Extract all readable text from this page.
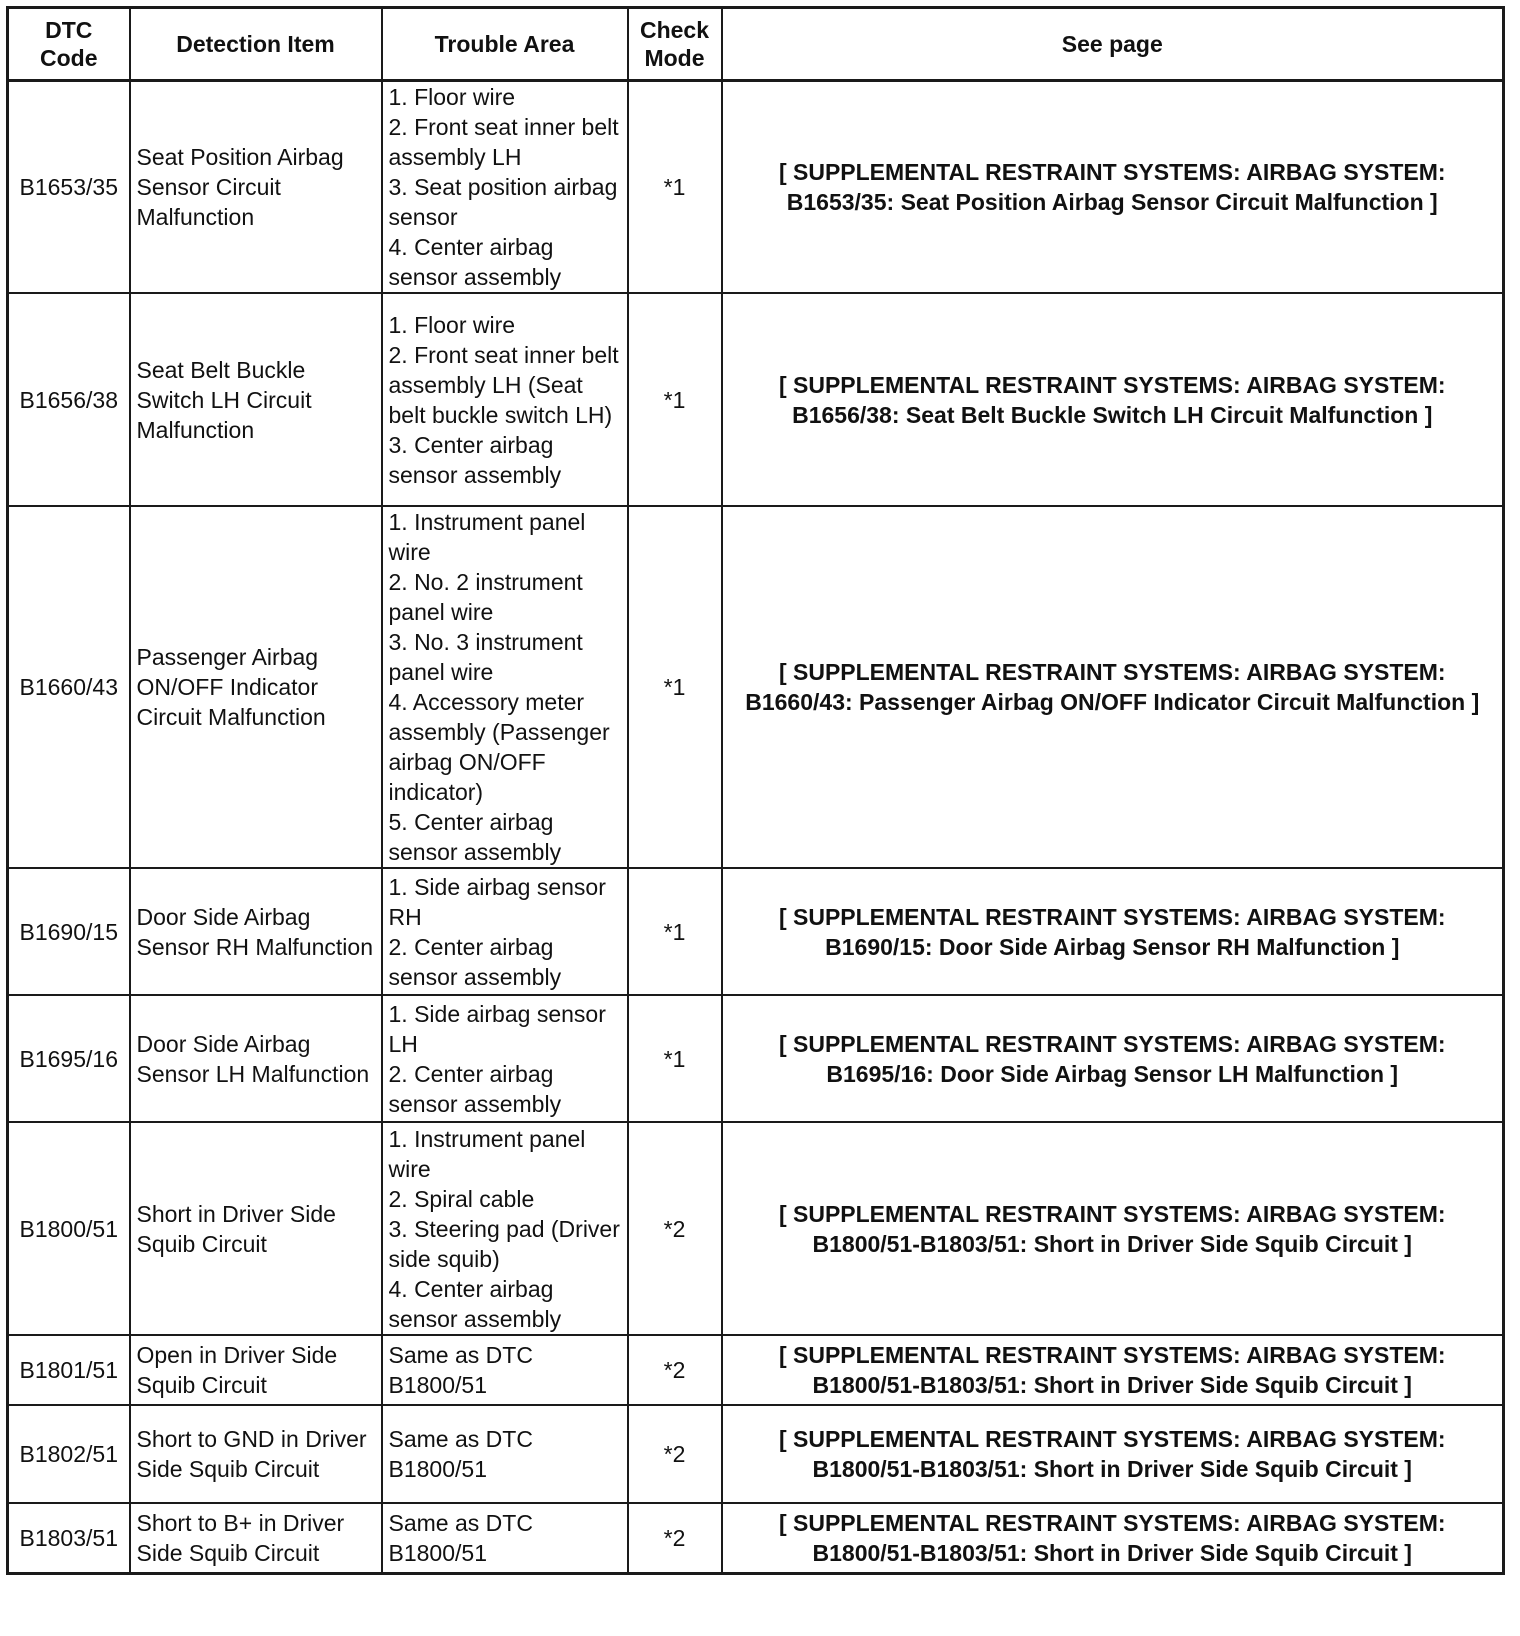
DTC Code	Detection Item	Trouble Area	Check Mode	See page
B1653/35	Seat Position Airbag Sensor Circuit Malfunction	1. Floor wire
2. Front seat inner belt assembly LH
3. Seat position airbag sensor
4. Center airbag sensor assembly	*1	[ SUPPLEMENTAL RESTRAINT SYSTEMS: AIRBAG SYSTEM: B1653/35: Seat Position Airbag Sensor Circuit Malfunction ]
B1656/38	Seat Belt Buckle Switch LH Circuit Malfunction	1. Floor wire
2. Front seat inner belt assembly LH (Seat belt buckle switch LH)
3. Center airbag sensor assembly	*1	[ SUPPLEMENTAL RESTRAINT SYSTEMS: AIRBAG SYSTEM: B1656/38: Seat Belt Buckle Switch LH Circuit Malfunction ]
B1660/43	Passenger Airbag ON/OFF Indicator Circuit Malfunction	1. Instrument panel wire
2. No. 2 instrument panel wire
3. No. 3 instrument panel wire
4. Accessory meter assembly (Passenger airbag ON/OFF indicator)
5. Center airbag sensor assembly	*1	[ SUPPLEMENTAL RESTRAINT SYSTEMS: AIRBAG SYSTEM: B1660/43: Passenger Airbag ON/OFF Indicator Circuit Malfunction ]
B1690/15	Door Side Airbag Sensor RH Malfunction	1. Side airbag sensor RH
2. Center airbag sensor assembly	*1	[ SUPPLEMENTAL RESTRAINT SYSTEMS: AIRBAG SYSTEM: B1690/15: Door Side Airbag Sensor RH Malfunction ]
B1695/16	Door Side Airbag Sensor LH Malfunction	1. Side airbag sensor LH
2. Center airbag sensor assembly	*1	[ SUPPLEMENTAL RESTRAINT SYSTEMS: AIRBAG SYSTEM: B1695/16: Door Side Airbag Sensor LH Malfunction ]
B1800/51	Short in Driver Side Squib Circuit	1. Instrument panel wire
2. Spiral cable
3. Steering pad (Driver side squib)
4. Center airbag sensor assembly	*2	[ SUPPLEMENTAL RESTRAINT SYSTEMS: AIRBAG SYSTEM: B1800/51-B1803/51: Short in Driver Side Squib Circuit ]
B1801/51	Open in Driver Side Squib Circuit	Same as DTC B1800/51	*2	[ SUPPLEMENTAL RESTRAINT SYSTEMS: AIRBAG SYSTEM: B1800/51-B1803/51: Short in Driver Side Squib Circuit ]
B1802/51	Short to GND in Driver Side Squib Circuit	Same as DTC B1800/51	*2	[ SUPPLEMENTAL RESTRAINT SYSTEMS: AIRBAG SYSTEM: B1800/51-B1803/51: Short in Driver Side Squib Circuit ]
B1803/51	Short to B+ in Driver Side Squib Circuit	Same as DTC B1800/51	*2	[ SUPPLEMENTAL RESTRAINT SYSTEMS: AIRBAG SYSTEM: B1800/51-B1803/51: Short in Driver Side Squib Circuit ]
